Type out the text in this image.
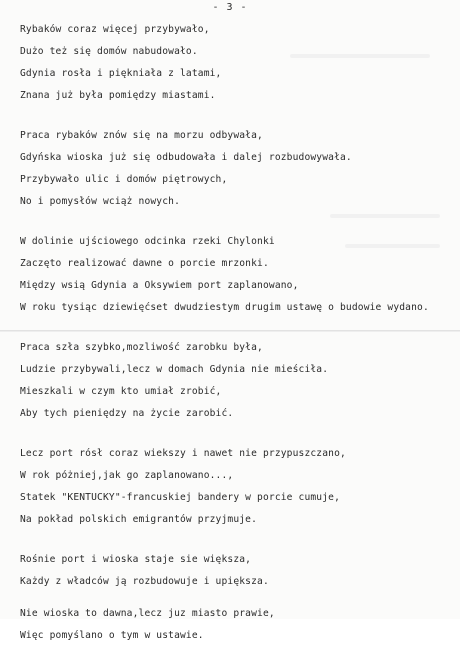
- 3 -
Rybaków coraz więcej przybywało,
Dużo też się domów nabudowało.
Gdynia rosła i piękniała z latami,
Znana już była pomiędzy miastami.
Praca rybaków znów się na morzu odbywała,
Gdyńska wioska już się odbudowała i dalej rozbudowywała.
Przybywało ulic i domów piętrowych,
No i pomysłów wciąż nowych.
W dolinie ujściowego odcinka rzeki Chylonki
Zaczęto realizować dawne o porcie mrzonki.
Między wsią Gdynia a Oksywiem port zaplanowano,
W roku tysiąc dziewięćset dwudziestym drugim ustawę o budowie wydano.
Praca szła szybko,mozliwość zarobku była,
Ludzie przybywali,lecz w domach Gdynia nie mieściła.
Mieszkali w czym kto umiał zrobić,
Aby tych pieniędzy na życie zarobić.
Lecz port rósł coraz wiekszy i nawet nie przypuszczano,
W rok póżniej,jak go zaplanowano...,
Statek "KENTUCKY"-francuskiej bandery w porcie cumuje,
Na pokład polskich emigrantów przyjmuje.
Rośnie port i wioska staje sie większa,
Każdy z władców ją rozbudowuje i upiększa.
Nie wioska to dawna,lecz juz miasto prawie,
Więc pomyślano o tym w ustawie.
